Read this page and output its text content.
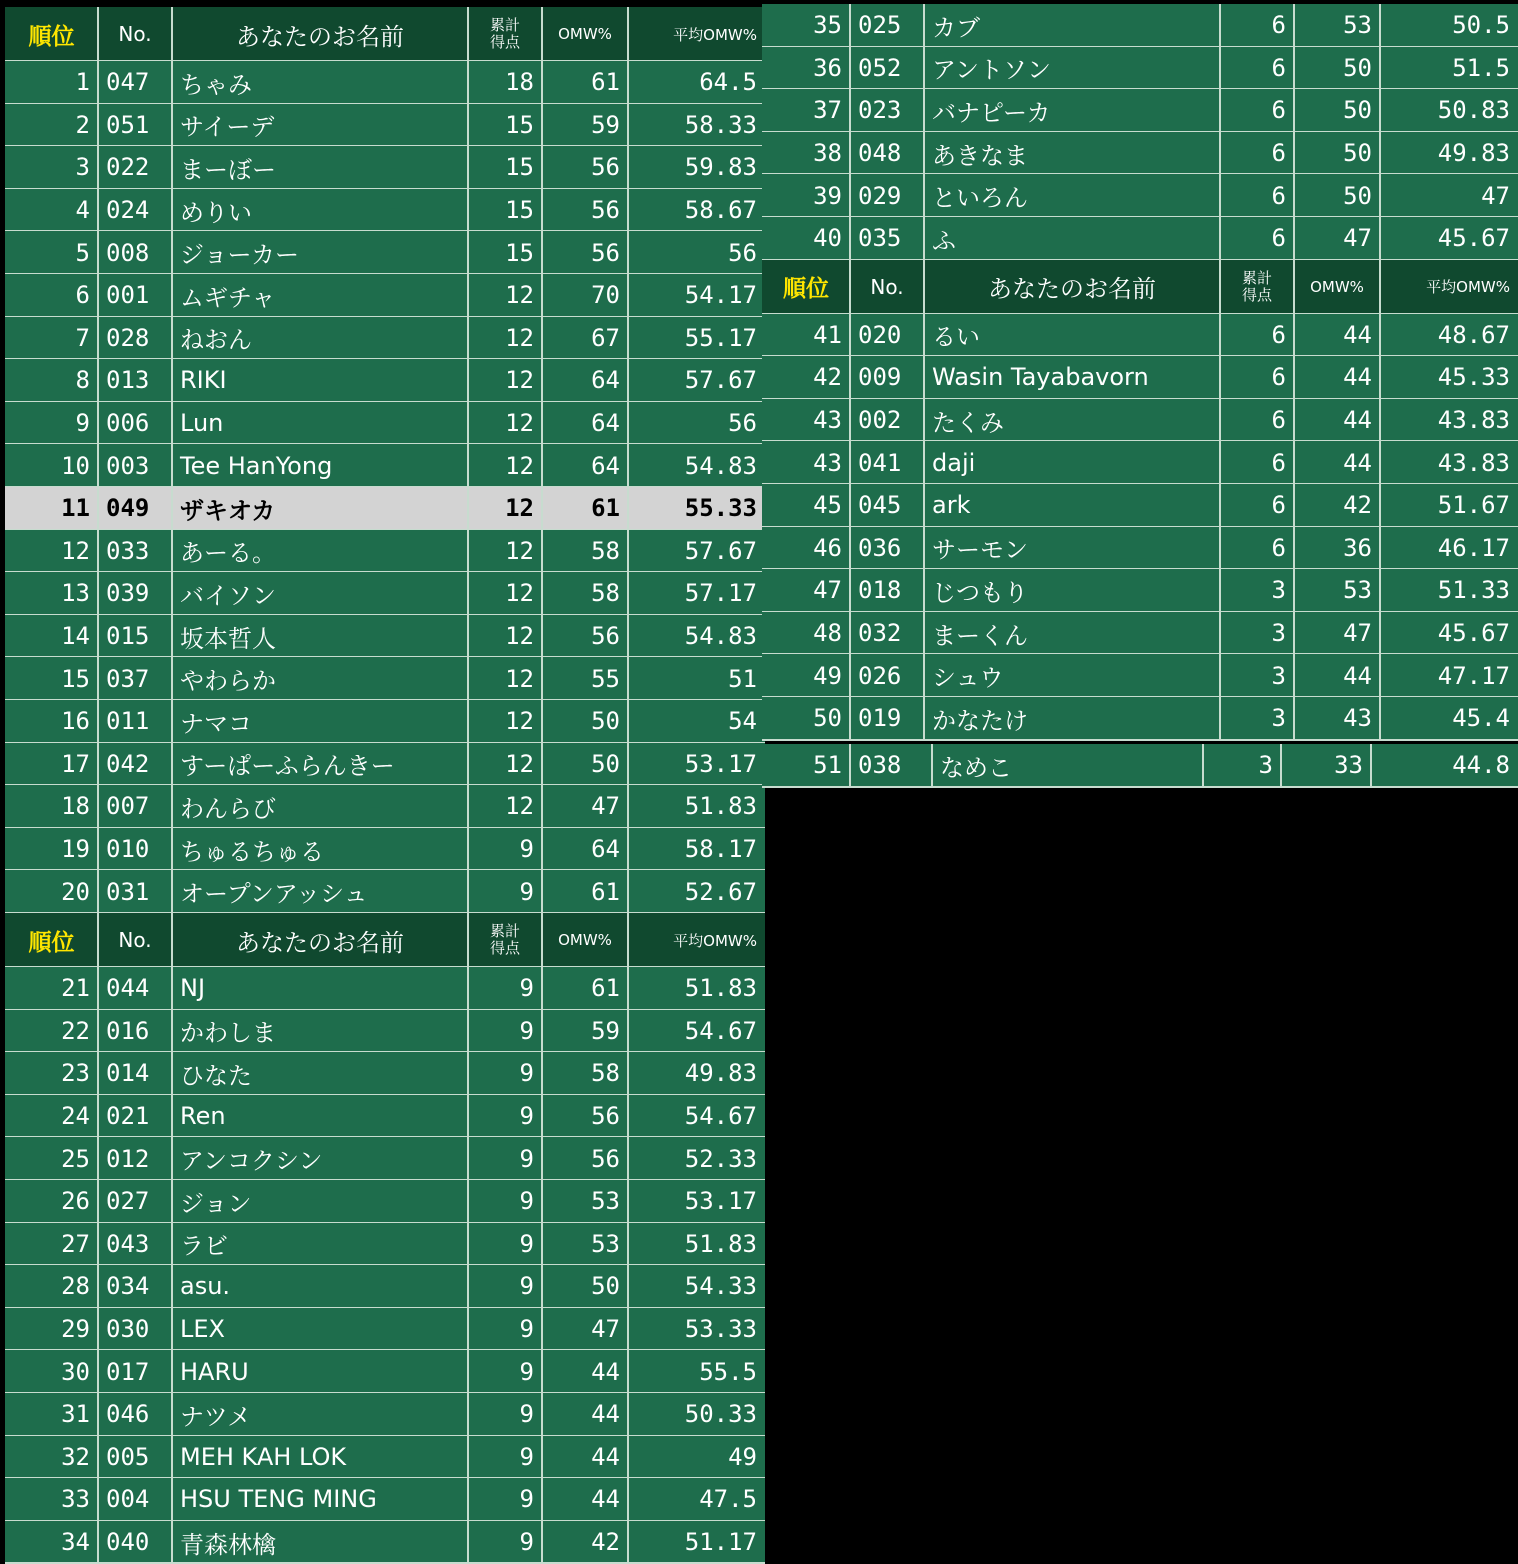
順位	No.	あなたのお名前	累計
得点	OMW%	平均OMW%
1 047	ちゃみ	18	61	64.5
2 051	サイーデ	15	59	58.33
3 022	まーぼー	15	56	59.83
4 024	めりい	15	56	58.67
5 008	ジョーカー	15	56	56
6 001	ムギチャ	12	70	54.17
7 028	ねおん	12	67	55.17
8 013	RIKI	12	64	57.67
9 006	Lun	12	64	56
10 003	Tee HanYong	12	64	54.83
11 049	ザキオカ	12	61	55.33
12 033	あーる。	12	58	57.67
13 039	バイソン	12	58	57.17
14 015	坂本哲人	12	56	54.83
15 037	やわらか	12	55	51
16 011	ナマコ	12	50	54
17 042	すーぱーふらんきー	12	50	53.17
18 007	わんらび	12	47	51.83
19 010	ちゅるちゅる	9	64	58.17
20 031	オープンアッシュ	9	61	52.67
順位	No.	あなたのお名前	累計
得点	OMW%	平均OMW%
21 044	NJ	9	61	51.83
22 016	かわしま	9	59	54.67
23 014	ひなた	9	58	49.83
24 021	Ren	9	56	54.67
25 012	アンコクシン	9	56	52.33
26 027	ジョン	9	53	53.17
27 043	ラビ	9	53	51.83
28 034	asu.	9	50	54.33
29 030	LEX	9	47	53.33
30 017	HARU	9	44	55.5
31 046	ナツメ	9	44	50.33
32 005	MEH KAH LOK	9	44	49
33 004	HSU TENG MING	9	44	47.5
34 040	青森林檎	9	42	51.17
35 025	カブ	6	53	50.5
36 052	アントソン	6	50	51.5
37 023	バナピーカ	6	50	50.83
38 048	あきなま	6	50	49.83
39 029	といろん	6	50	47
40 035	ふ	6	47	45.67
順位	No.	あなたのお名前	累計
得点	OMW%	平均OMW%
41 020	るい	6	44	48.67
42 009	Wasin Tayabavorn	6	44	45.33
43 002	たくみ	6	44	43.83
43 041	daji	6	44	43.83
45 045	ark	6	42	51.67
46 036	サーモン	6	36	46.17
47 018	じつもり	3	53	51.33
48 032	まーくん	3	47	45.67
49 026	シュウ	3	44	47.17
50 019	かなたけ	3	43	45.4
51 038	なめこ	3	33	44.8
